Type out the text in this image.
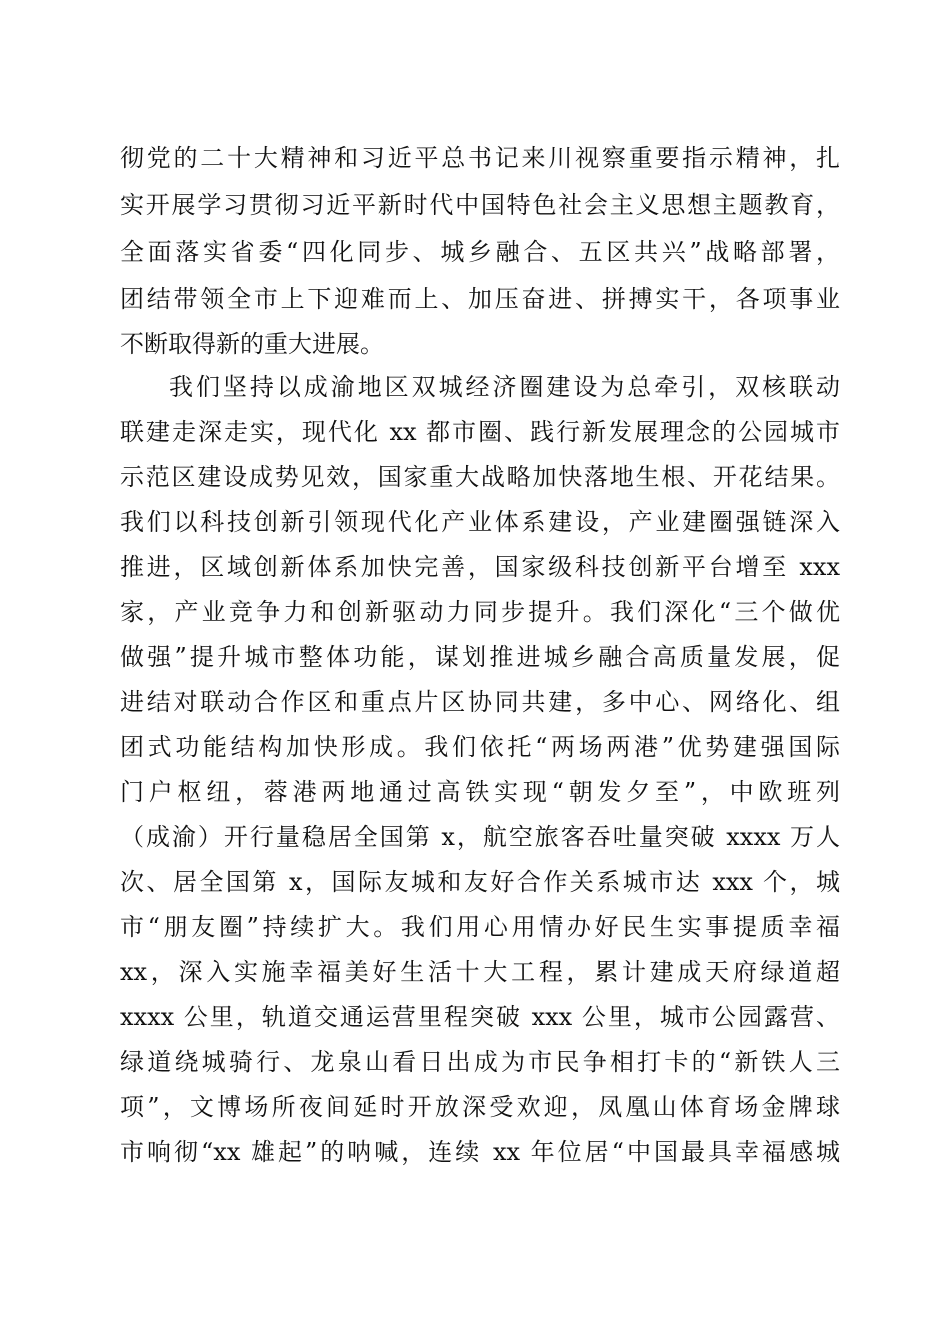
彻党的二十大精神和习近平总书记来川视察重要指示精神，扎

实开展学习贯彻习近平新时代中国特色社会主义思想主题教育，

全面落实省委“四化同步、城乡融合、五区共兴”战略部署，

团结带领全市上下迎难而上、加压奋进、拼搏实干，各项事业

不断取得新的重大进展。

我们坚持以成渝地区双城经济圈建设为总牵引，双核联动

联建走深走实，现代化 xx 都市圈、践行新发展理念的公园城市

示范区建设成势见效，国家重大战略加快落地生根、开花结果。

我们以科技创新引领现代化产业体系建设，产业建圈强链深入

推进，区域创新体系加快完善，国家级科技创新平台增至 xxx

家，产业竞争力和创新驱动力同步提升。我们深化“三个做优

做强”提升城市整体功能，谋划推进城乡融合高质量发展，促

进结对联动合作区和重点片区协同共建，多中心、网络化、组

团式功能结构加快形成。我们依托“两场两港”优势建强国际

门户枢纽，蓉港两地通过高铁实现“朝发夕至”，中欧班列

（成渝）开行量稳居全国第 x，航空旅客吞吐量突破 xxxx 万人

次、居全国第 x，国际友城和友好合作关系城市达 xxx 个，城

市“朋友圈”持续扩大。我们用心用情办好民生实事提质幸福

xx，深入实施幸福美好生活十大工程，累计建成天府绿道超

xxxx 公里，轨道交通运营里程突破 xxx 公里，城市公园露营、

绿道绕城骑行、龙泉山看日出成为市民争相打卡的“新铁人三

项”，文博场所夜间延时开放深受欢迎，凤凰山体育场金牌球

市响彻“xx 雄起”的呐喊，连续 xx 年位居“中国最具幸福感城
